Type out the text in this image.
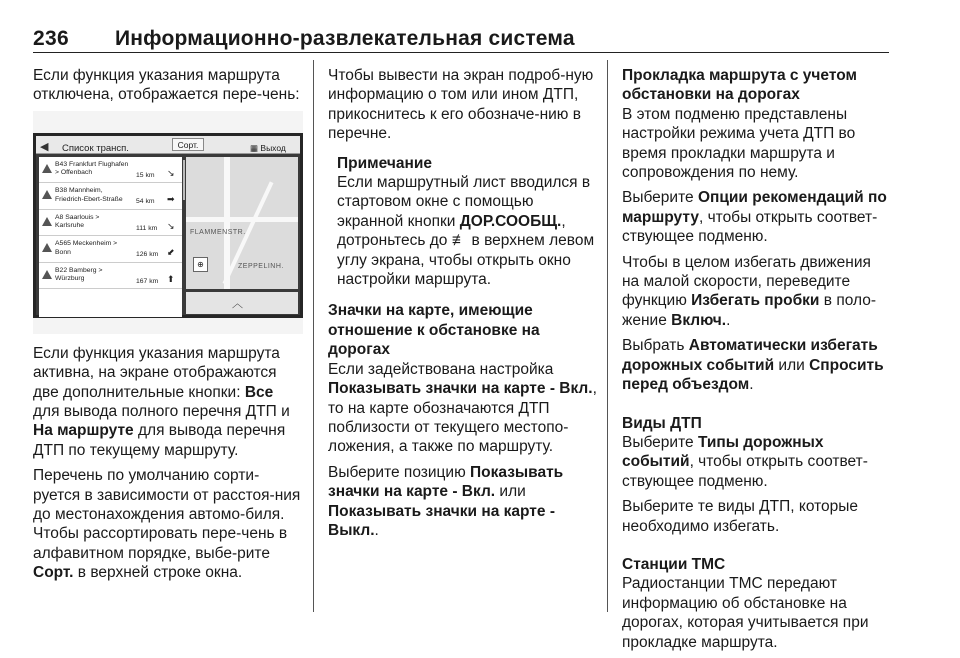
236 Информационно-развлекательная система
Если функция указания маршрута отключена, отображается пере-чень:
◀ Список трансп.	Сорт.	▦ Выход
B43 Frankfurt Flughafen > Offenbach	15 km ↘
B38 Mannheim, Friedrich-Ebert-Straße	54 km ➡
A8 Saarlouis > Karlsruhe	111 km ↘
A565 Meckenheim > Bonn	126 km ⬋
B22 Bamberg > Würzburg	167 km ⬆
FLAMMENSTR.
ZEPPELINH.
⊕
︿
Если функция указания маршрута активна, на экране отображаются две дополнительные кнопки: Все для вывода полного перечня ДТП и На маршруте для вывода перечня ДТП по текущему маршруту.
Перечень по умолчанию сорти-руется в зависимости от расстоя-ния до местонахождения автомо-биля. Чтобы рассортировать пере-чень в алфавитном порядке, выбе-рите Сорт. в верхней строке окна.
Чтобы вывести на экран подроб-ную информацию о том или ином ДТП, прикоснитесь к его обозначе-нию в перечне.
Примечание
Если маршрутный лист вводился в стартовом окне с помощью экранной кнопки ДОР.СООБЩ., дотроньтесь до ≢ в верхнем левом углу экрана, чтобы открыть окно настройки маршрута.
Значки на карте, имеющие отношение к обстановке на дорогах
Если задействована настройка Показывать значки на карте - Вкл., то на карте обозначаются ДТП поблизости от текущего местопо-ложения, а также по маршруту.
Выберите позицию Показывать значки на карте - Вкл. или Показывать значки на карте - Выкл..
Прокладка маршрута с учетом обстановки на дорогах
В этом подменю представлены настройки режима учета ДТП во время прокладки маршрута и сопровождения по нему.
Выберите Опции рекомендаций по маршруту, чтобы открыть соответ-ствующее подменю.
Чтобы в целом избегать движения на малой скорости, переведите функцию Избегать пробки в поло-жение Включ..
Выбрать Автоматически избегать дорожных событий или Спросить перед объездом.
Виды ДТП
Выберите Типы дорожных событий, чтобы открыть соответ-ствующее подменю.
Выберите те виды ДТП, которые необходимо избегать.
Станции TMC
Радиостанции TMC передают информацию об обстановке на дорогах, которая учитывается при прокладке маршрута.
